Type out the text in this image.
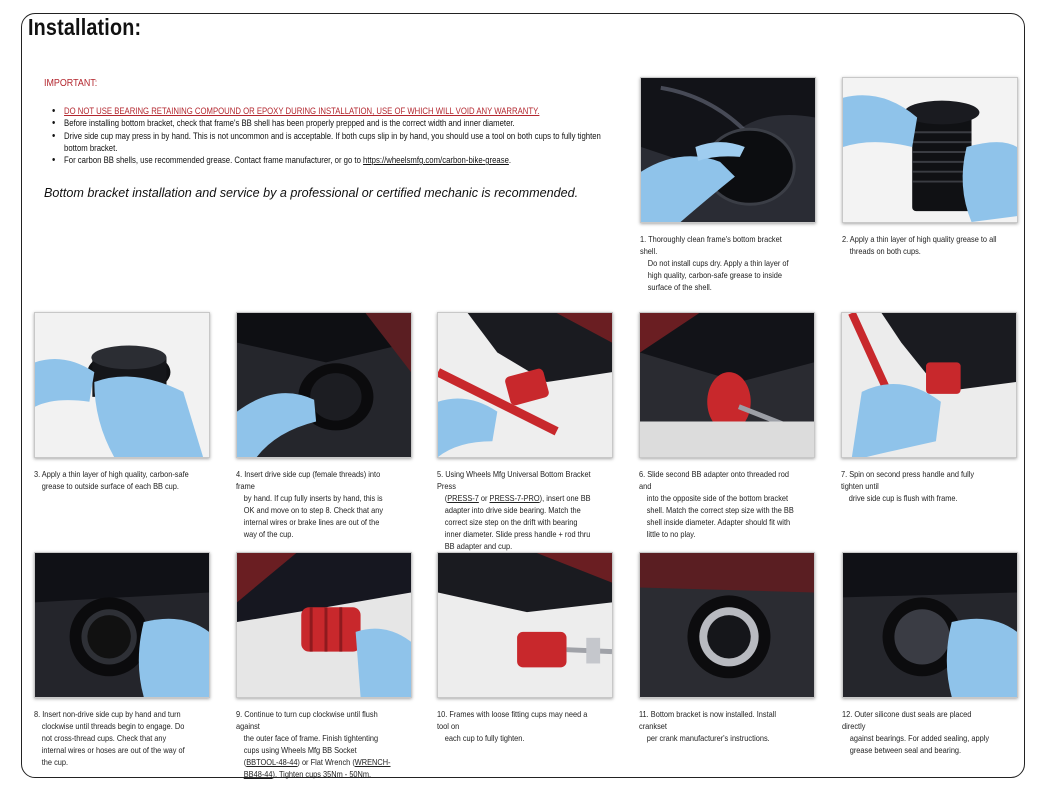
Installation:
IMPORTANT:
• DO NOT USE BEARING RETAINING COMPOUND OR EPOXY DURING INSTALLATION, USE OF WHICH WILL VOID ANY WARRANTY.
• Before installing bottom bracket, check that frame's BB shell has been properly prepped and is the correct width and inner diameter.
• Drive side cup may press in by hand. This is not uncommon and is acceptable. If both cups slip in by hand, you should use a tool on both cups to fully tighten bottom bracket.
• For carbon BB shells, use recommended grease. Contact frame manufacturer, or go to https://wheelsmfg.com/carbon-bike-grease.
Bottom bracket installation and service by a professional or certified mechanic is recommended.
1. Thoroughly clean frame's bottom bracket shell.
Do not install cups dry. Apply a thin layer of high quality, carbon-safe grease to inside surface of the shell.
2. Apply a thin layer of high quality grease to all
threads on both cups.
3. Apply a thin layer of high quality, carbon-safe
grease to outside surface of each BB cup.
4. Insert drive side cup (female threads) into frame
by hand. If cup fully inserts by hand, this is OK and move on to step 8. Check that any internal wires or brake lines are out of the way of the cup.
5. Using Wheels Mfg Universal Bottom Bracket Press
(PRESS-7 or PRESS-7-PRO), insert one BB adapter into drive side bearing. Match the correct size step on the drift with bearing inner diameter. Slide press handle + rod thru BB adapter and cup.
6. Slide second BB adapter onto threaded rod and
into the opposite side of the bottom bracket shell. Match the correct step size with the BB shell inside diameter. Adapter should fit with little to no play.
7. Spin on second press handle and fully tighten until
drive side cup is flush with frame.
8. Insert non-drive side cup by hand and turn
clockwise until threads begin to engage. Do not cross-thread cups. Check that any internal wires or hoses are out of the way of the cup.
9. Continue to turn cup clockwise until flush against
the outer face of frame. Finish tightenting cups using Wheels Mfg BB Socket (BBTOOL-48-44) or Flat Wrench (WRENCH-BB48-44). Tighten cups 35Nm - 50Nm.
10. Frames with loose fitting cups may need a tool on
each cup to fully tighten.
11. Bottom bracket is now installed. Install crankset
per crank manufacturer's instructions.
12. Outer silicone dust seals are placed directly
against bearings. For added sealing, apply grease between seal and bearing.
